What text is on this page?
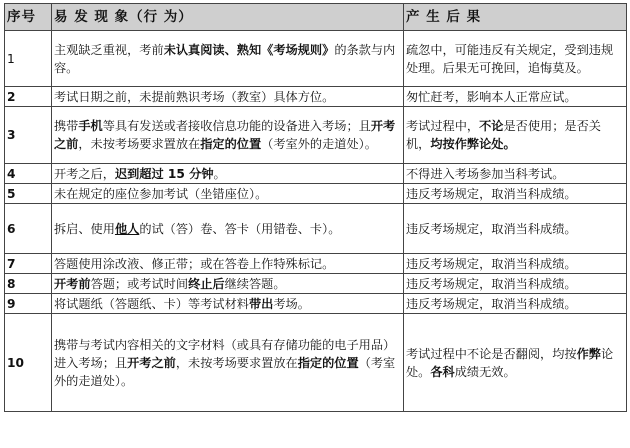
序号	易 发 现 象（行 为）	产 生 后 果
1	主观缺乏重视，考前未认真阅读、熟知《考场规则》的条款与内容。	疏忽中，可能违反有关规定，受到违规处理。后果无可挽回，追悔莫及。
2	考试日期之前，未提前熟识考场（教室）具体方位。	匆忙赶考，影响本人正常应试。
3	携带手机等具有发送或者接收信息功能的设备进入考场；且开考之前，未按考场要求置放在指定的位置（考室外的走道处）。	考试过程中，不论是否使用；是否关机，均按作弊论处。
4	开考之后，迟到超过 15 分钟。	不得进入考场参加当科考试。
5	未在规定的座位参加考试（坐错座位）。	违反考场规定，取消当科成绩。
6	拆启、使用他人的试（答）卷、答卡（用错卷、卡）。	违反考场规定，取消当科成绩。
7	答题使用涂改液、修正带；或在答卷上作特殊标记。	违反考场规定，取消当科成绩。
8	开考前答题；或考试时间终止后继续答题。	违反考场规定，取消当科成绩。
9	将试题纸（答题纸、卡）等考试材料带出考场。	违反考场规定，取消当科成绩。
10	携带与考试内容相关的文字材料（或具有存储功能的电子用品）进入考场；且开考之前，未按考场要求置放在指定的位置（考室外的走道处）。	考试过程中不论是否翻阅，均按作弊论处。各科成绩无效。
